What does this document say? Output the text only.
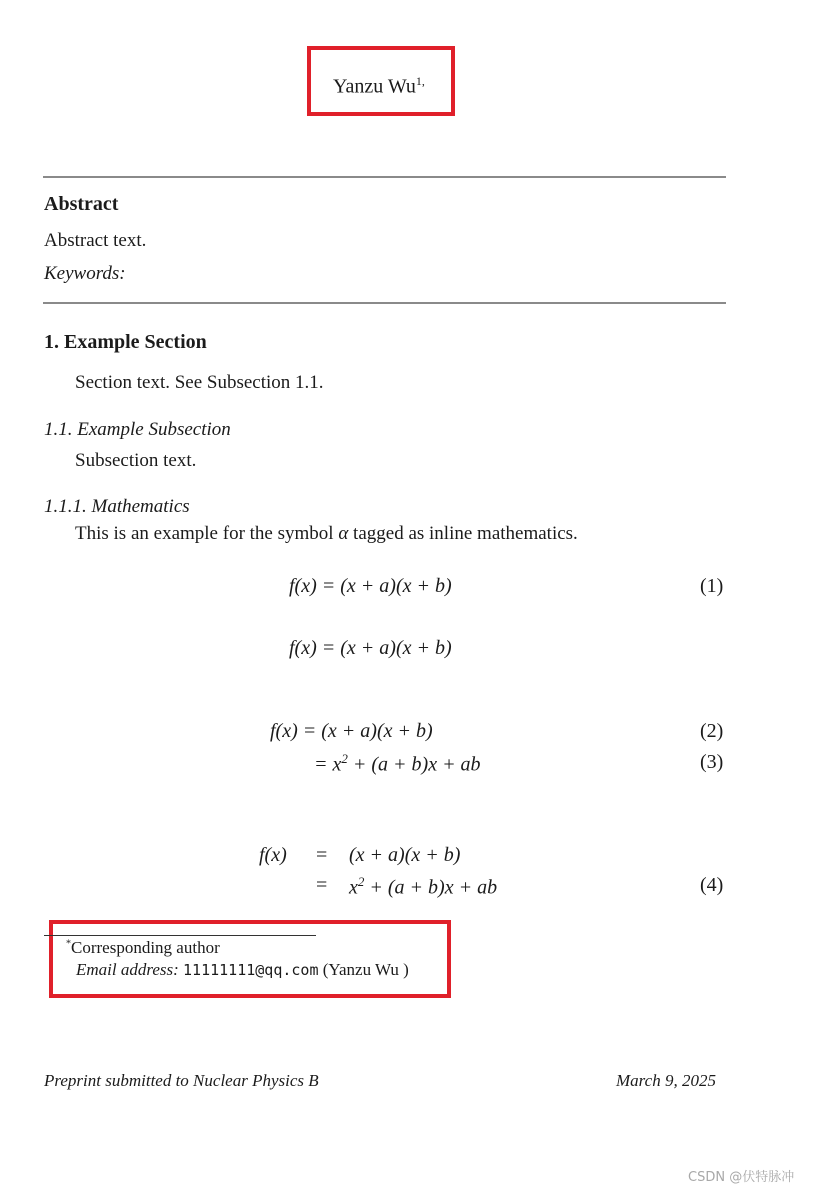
Yanzu $Wu^{1,}$
Abstract
Abstract text.
Keywords:
1. Example Section
Section text. See Subsection 1.1.
1.1. Example Subsection
Subsection text.
1.1.1. Mathematics
This is an example for the symbol α tagged as inline mathematics.
f(x) = (x + a)(x + b)	(1)
f(x) = (x + a)(x + b)
f(x) = (x + a)(x + b)	(2)
= $x^2 + (a + b)x$ + ab	(3)
f(x) = (x + a)(x + b)
= $x^2 + (a + b)x$ + ab	(4)
*Corresponding author
Email address: 11111111@qq.com (Yanzu Wu )
Preprint submitted to Nuclear Physics B	March 9, 2025
CSDN @伏特脉冲
